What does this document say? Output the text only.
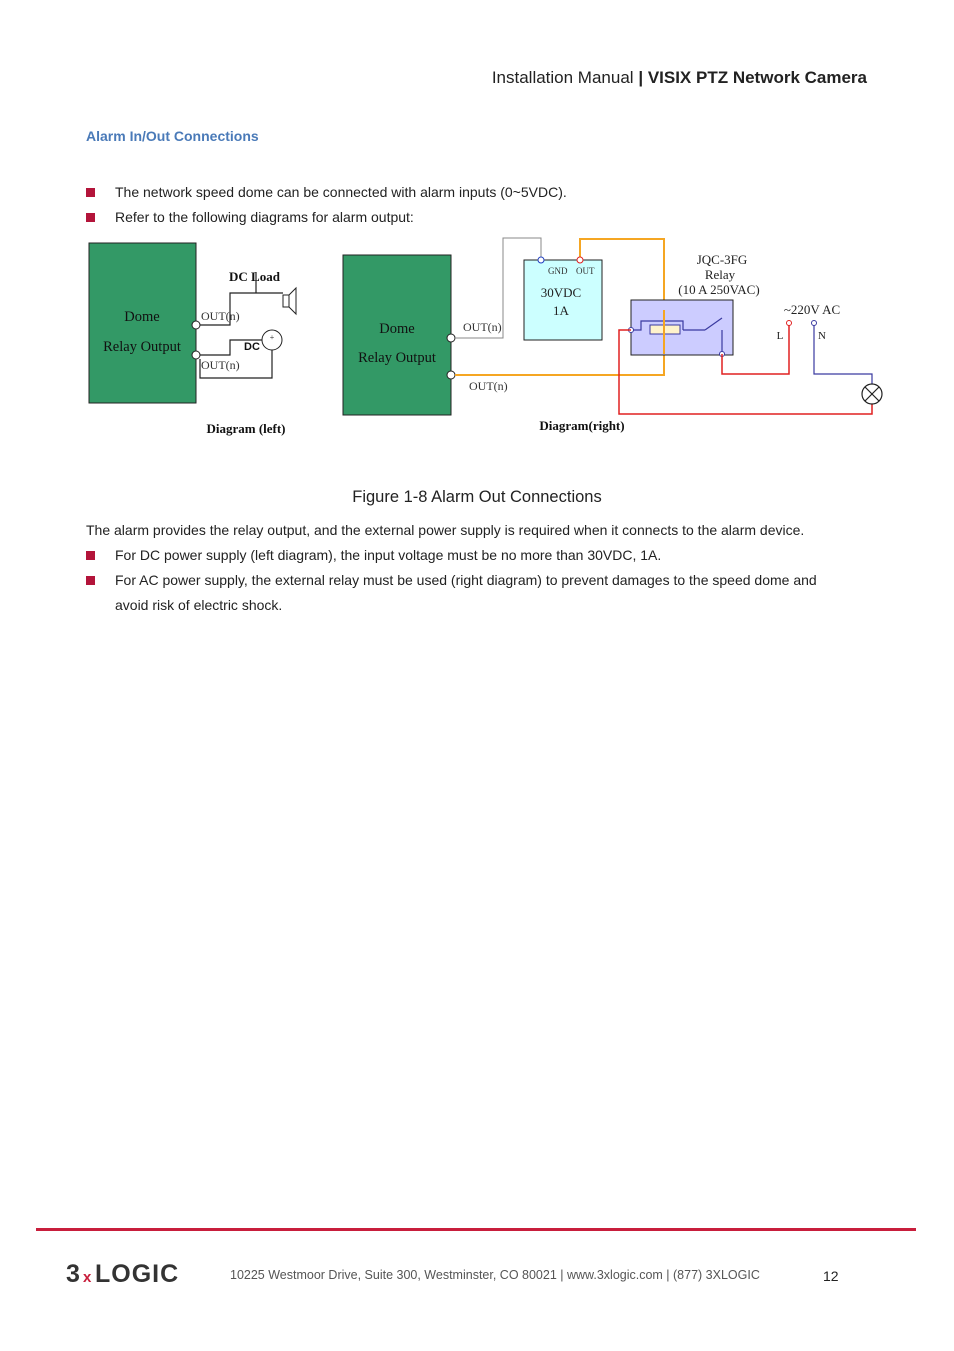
Installation Manual | VISIX PTZ Network Camera
Alarm In/Out Connections
The network speed dome can be connected with alarm inputs (0~5VDC).
Refer to the following diagrams for alarm output:
Dome
Relay Output
OUT(n)
OUT(n)
DC Load
+
DC
Diagram (left)
Dome
Relay Output
OUT(n)
OUT(n)
GND OUT
30VDC
1A
JQC-3FG
Relay
(10 A 250VAC)
~220V AC
L	N
Diagram(right)
Figure 1-8 Alarm Out Connections
The alarm provides the relay output, and the external power supply is required when it connects to the alarm device.
For DC power supply (left diagram), the input voltage must be no more than 30VDC, 1A.
For AC power supply, the external relay must be used (right diagram) to prevent damages to the speed dome and
avoid risk of electric shock.
3 x LOGIC	10225 Westmoor Drive, Suite 300, Westminster, CO 80021 | www.3xlogic.com | (877) 3XLOGIC	12
